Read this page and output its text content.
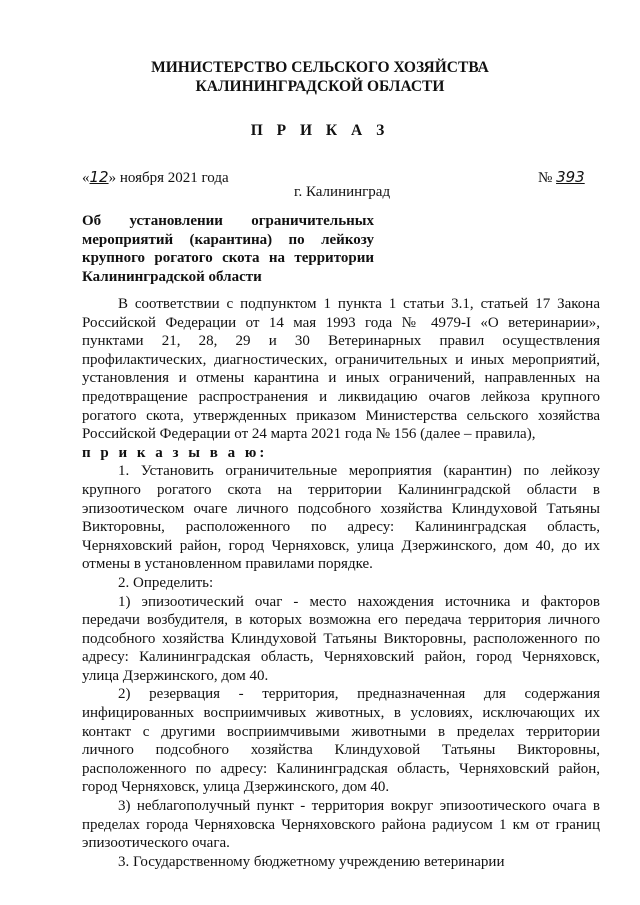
МИНИСТЕРСТВО СЕЛЬСКОГО ХОЗЯЙСТВА
КАЛИНИНГРАДСКОЙ ОБЛАСТИ
П Р И К А З
«12» ноября 2021 года	№ 393
г. Калининград
Об установлении ограничительных мероприятий (карантина) по лейкозу крупного рогатого скота на территории Калининградской области

В соответствии с подпунктом 1 пункта 1 статьи 3.1, статьей 17 Закона Российской Федерации от 14 мая 1993 года № 4979-I «О ветеринарии», пунктами 21, 28, 29 и 30 Ветеринарных правил осуществления профилактических, диагностических, ограничительных и иных мероприятий, установления и отмены карантина и иных ограничений, направленных на предотвращение распространения и ликвидацию очагов лейкоза крупного рогатого скота, утвержденных приказом Министерства сельского хозяйства Российской Федерации от 24 марта 2021 года № 156 (далее – правила),

п р и к а з ы в а ю:

1. Установить ограничительные мероприятия (карантин) по лейкозу крупного рогатого скота на территории Калининградской области в эпизоотическом очаге личного подсобного хозяйства Клиндуховой Татьяны Викторовны, расположенного по адресу: Калининградская область, Черняховский район, город Черняховск, улица Дзержинского, дом 40, до их отмены в установленном правилами порядке.

2. Определить:

1) эпизоотический очаг - место нахождения источника и факторов передачи возбудителя, в которых возможна его передача территория личного подсобного хозяйства Клиндуховой Татьяны Викторовны, расположенного по адресу: Калининградская область, Черняховский район, город Черняховск, улица Дзержинского, дом 40.

2) резервация - территория, предназначенная для содержания инфицированных восприимчивых животных, в условиях, исключающих их контакт с другими восприимчивыми животными в пределах территории личного подсобного хозяйства Клиндуховой Татьяны Викторовны, расположенного по адресу: Калининградская область, Черняховский район, город Черняховск, улица Дзержинского, дом 40.

3) неблагополучный пункт - территория вокруг эпизоотического очага в пределах города Черняховска Черняховского района радиусом 1 км от границ эпизоотического очага.

3. Государственному бюджетному учреждению ветеринарии
